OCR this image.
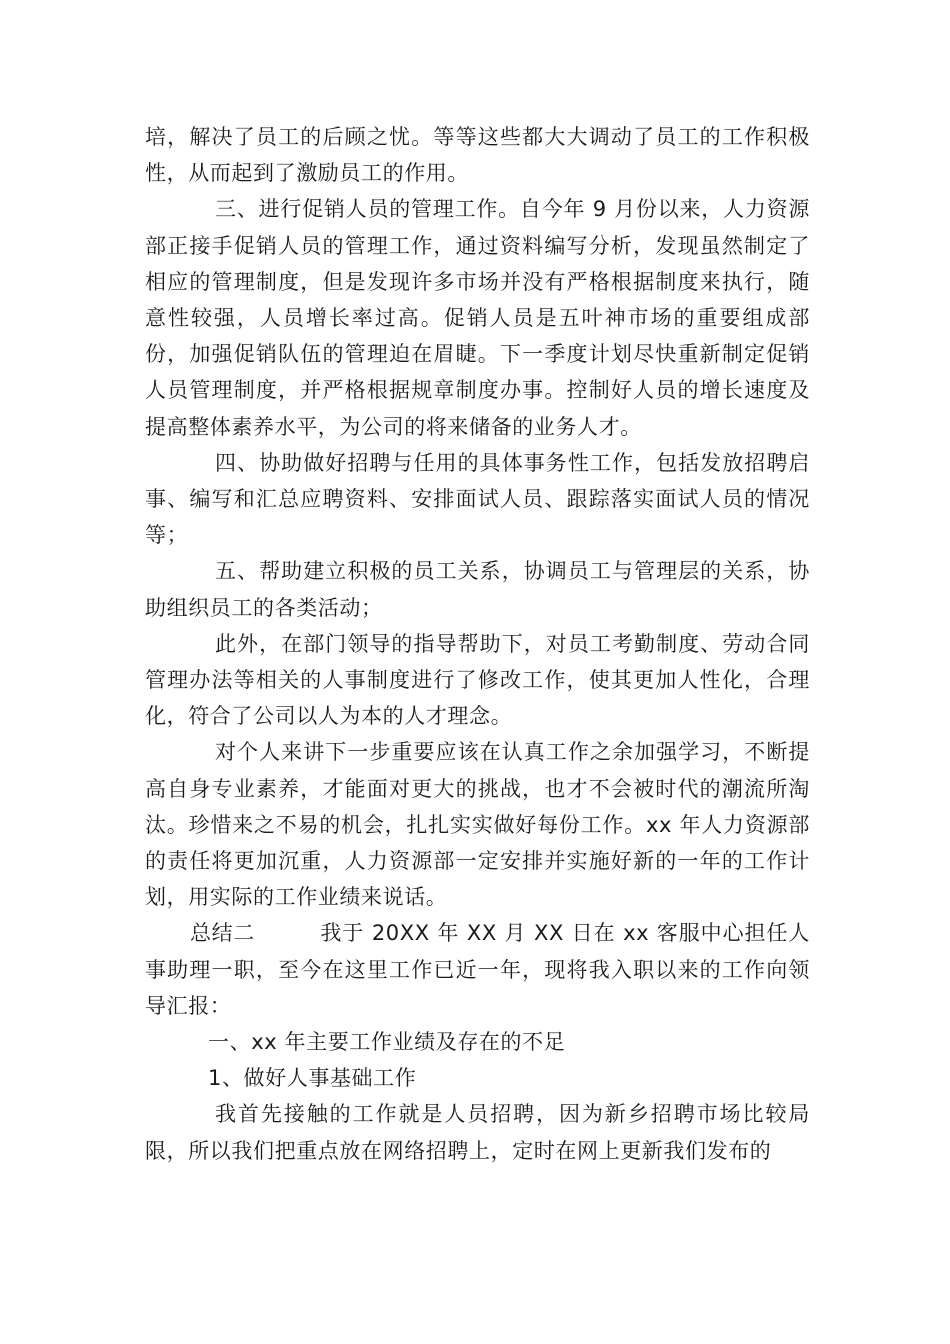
培，解决了员工的后顾之忧。等等这些都大大调动了员工的工作积极性，从而起到了激励员工的作用。

三、进行促销人员的管理工作。自今年 9 月份以来，人力资源部正接手促销人员的管理工作，通过资料编写分析，发现虽然制定了相应的管理制度，但是发现许多市场并没有严格根据制度来执行，随意性较强，人员增长率过高。促销人员是五叶神市场的重要组成部份，加强促销队伍的管理迫在眉睫。下一季度计划尽快重新制定促销人员管理制度，并严格根据规章制度办事。控制好人员的增长速度及提高整体素养水平，为公司的将来储备的业务人才。

四、协助做好招聘与任用的具体事务性工作，包括发放招聘启事、编写和汇总应聘资料、安排面试人员、跟踪落实面试人员的情况等；

五、帮助建立积极的员工关系，协调员工与管理层的关系，协助组织员工的各类活动；

此外，在部门领导的指导帮助下，对员工考勤制度、劳动合同管理办法等相关的人事制度进行了修改工作，使其更加人性化，合理化，符合了公司以人为本的人才理念。

对个人来讲下一步重要应该在认真工作之余加强学习，不断提高自身专业素养，才能面对更大的挑战，也才不会被时代的潮流所淘汰。珍惜来之不易的机会，扎扎实实做好每份工作。xx 年人力资源部的责任将更加沉重，人力资源部一定安排并实施好新的一年的工作计划，用实际的工作业绩来说话。

总结二	我于 20XX 年 XX 月 XX 日在 xx 客服中心担任人事助理一职，至今在这里工作已近一年，现将我入职以来的工作向领导汇报：

一、xx 年主要工作业绩及存在的不足

1、做好人事基础工作

我首先接触的工作就是人员招聘，因为新乡招聘市场比较局限，所以我们把重点放在网络招聘上，定时在网上更新我们发布的
